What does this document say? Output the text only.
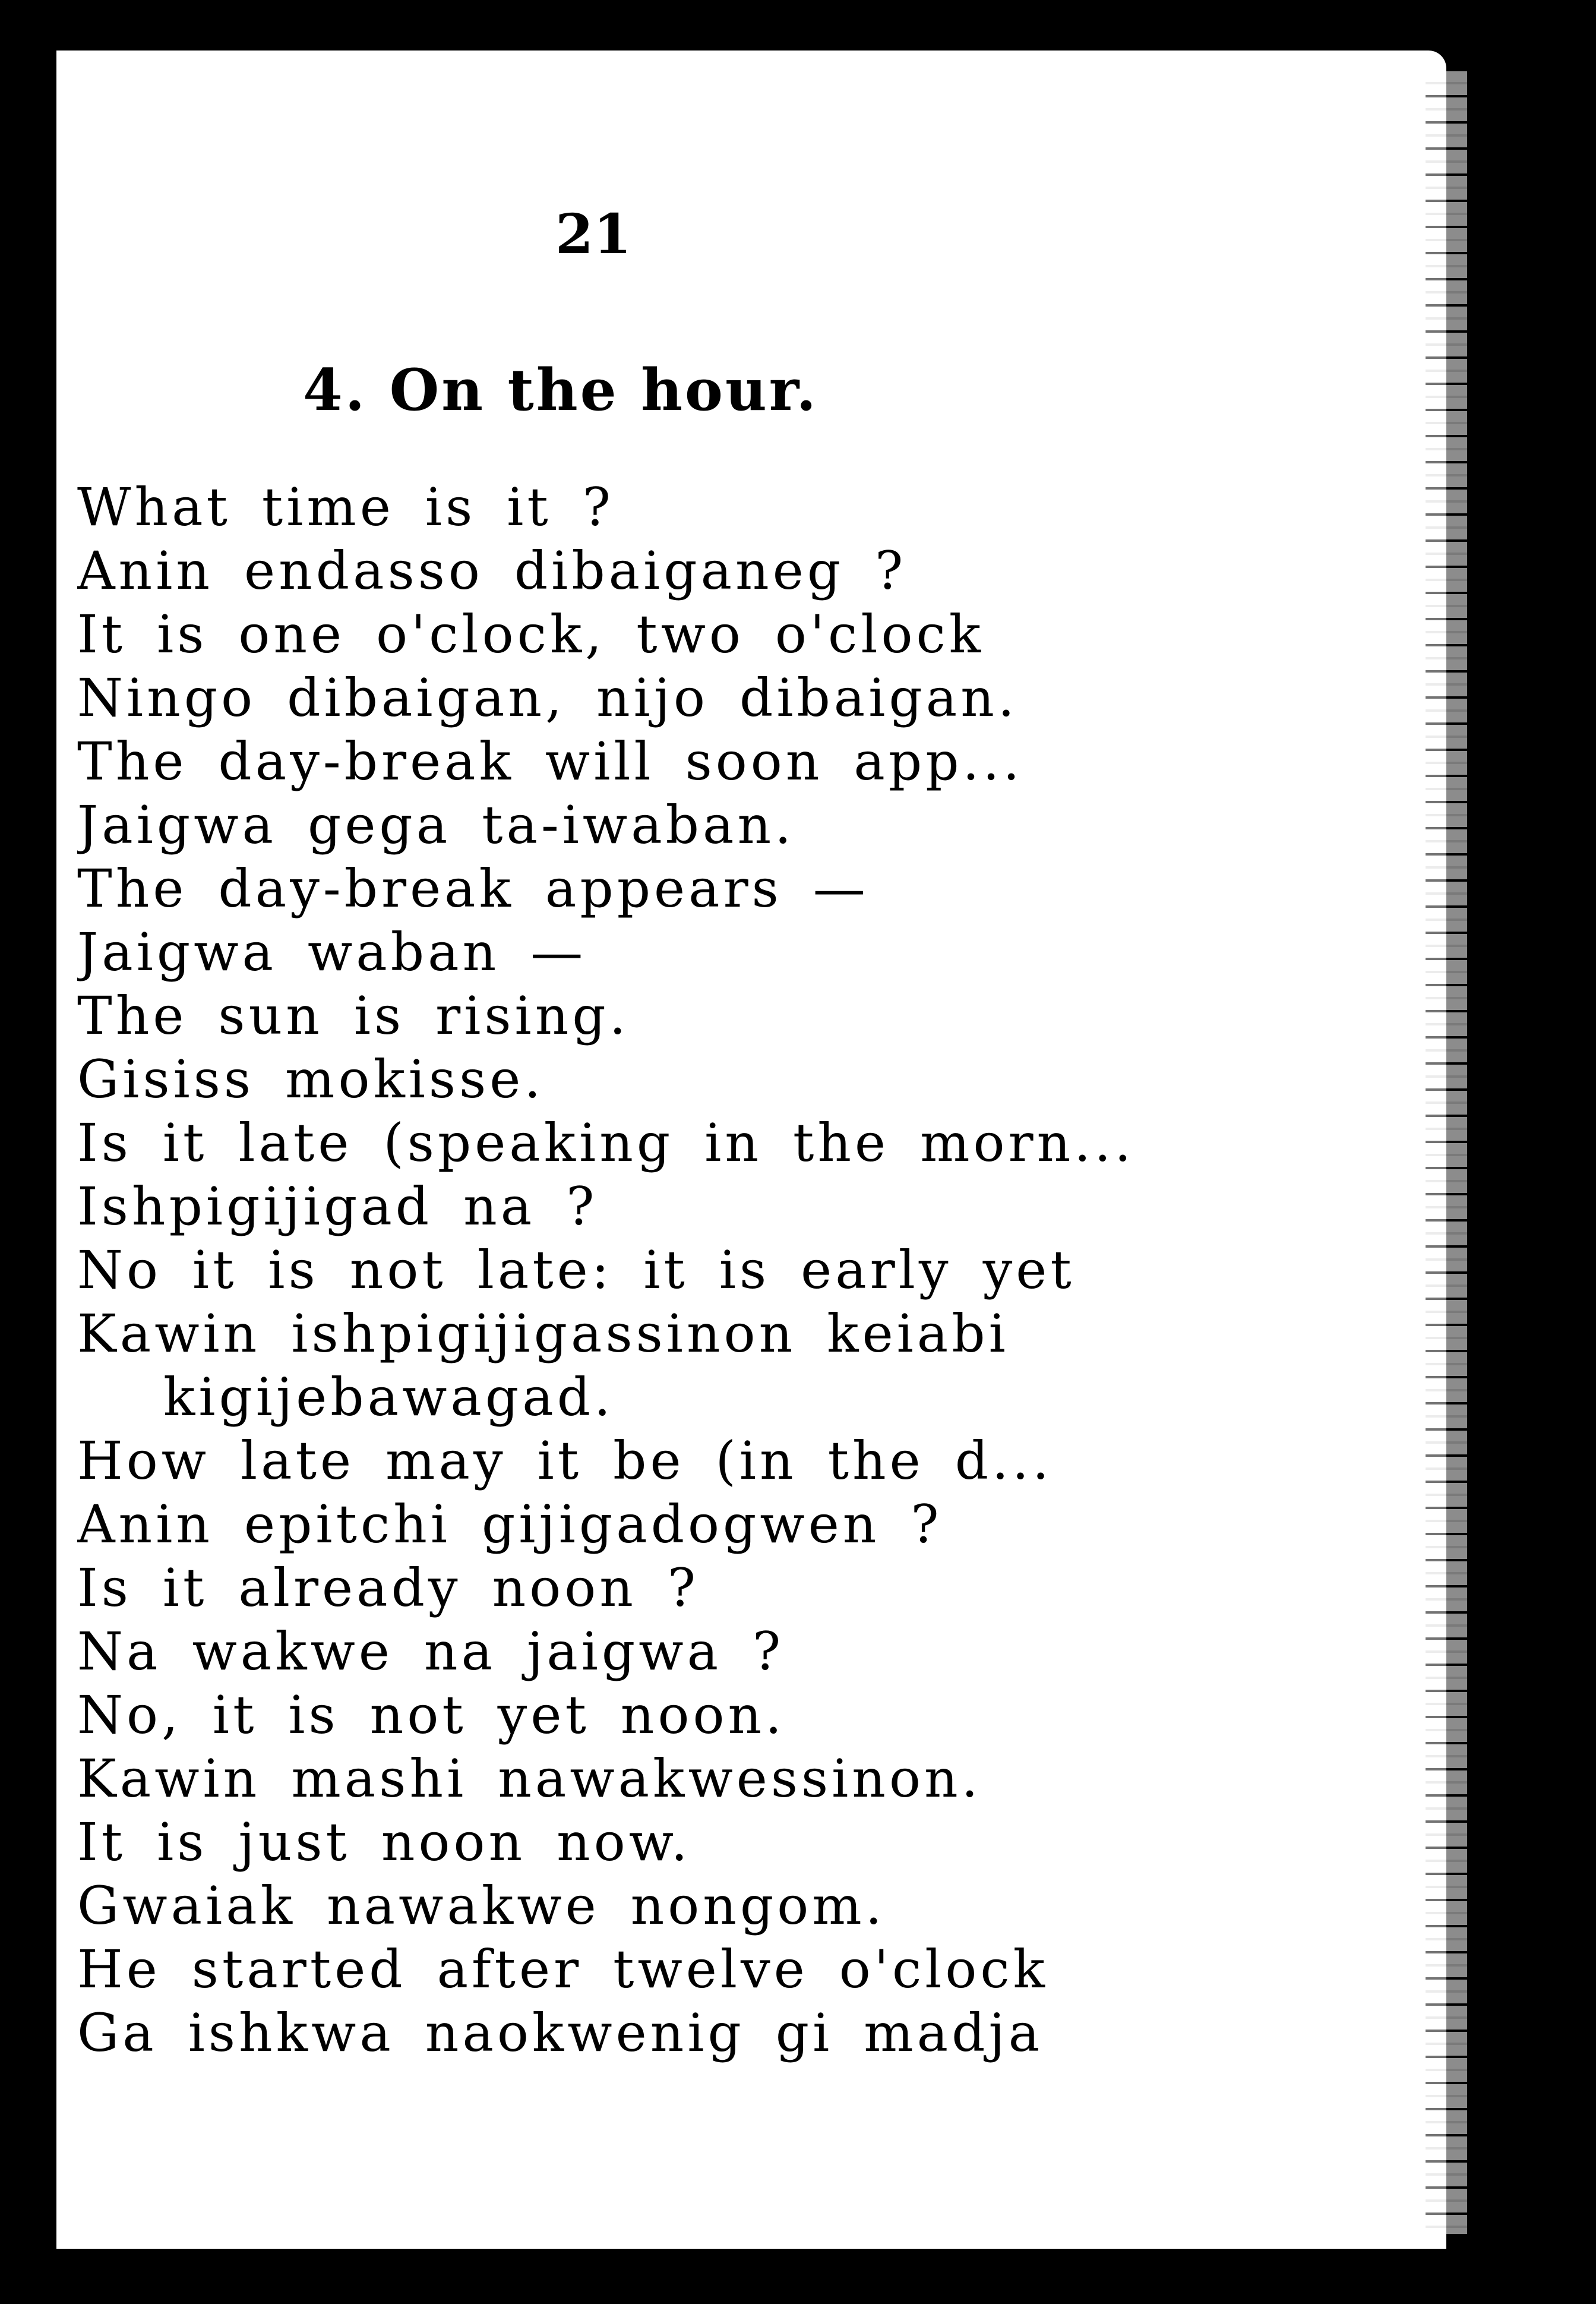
21
4. On the hour.
What time is it ?
Anin endasso dibaiganeg ?
It is one o'clock, two o'clock
Ningo dibaigan, nijo dibaigan.
The day-break will soon app...
Jaigwa gega ta-iwaban.
The day-break appears —
Jaigwa waban —
The sun is rising.
Gisiss mokisse.
Is it late (speaking in the morn...
Ishpigijigad na ?
No it is not late: it is early yet
Kawin ishpigijigassinon keiabi
kigijebawagad.
How late may it be (in the d...
Anin epitchi gijigadogwen ?
Is it already noon ?
Na wakwe na jaigwa ?
No, it is not yet noon.
Kawin mashi nawakwessinon.
It is just noon now.
Gwaiak nawakwe nongom.
He started after twelve o'clock
Ga ishkwa naokwenig gi madja
